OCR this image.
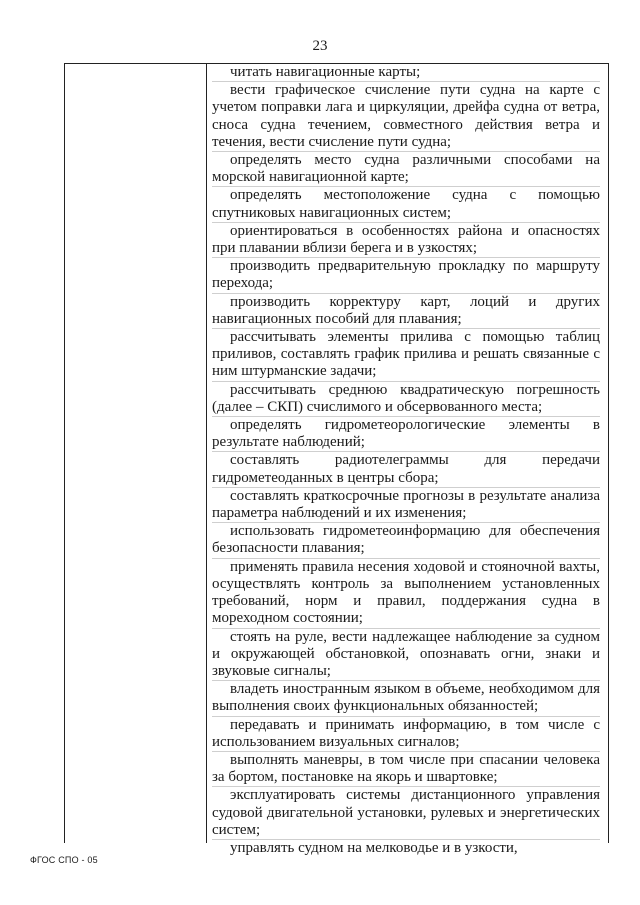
23

читать навигационные карты;

вести графическое счисление пути судна на карте с учетом поправки лага и циркуляции, дрейфа судна от ветра, сноса судна течением, совместного действия ветра и течения, вести счисление пути судна;

определять место судна различными способами на морской навигационной карте;

определять местоположение судна с помощью спутниковых навигационных систем;

ориентироваться в особенностях района и опасностях при плавании вблизи берега и в узкостях;

производить предварительную прокладку по маршруту перехода;

производить корректуру карт, лоций и других навигационных пособий для плавания;

рассчитывать элементы прилива с помощью таблиц приливов, составлять график прилива и решать связанные с ним штурманские задачи;

рассчитывать среднюю квадратическую погрешность (далее – СКП) счислимого и обсервованного места;

определять гидрометеорологические элементы в результате наблюдений;

составлять радиотелеграммы для передачи гидрометеоданных в центры сбора;

составлять краткосрочные прогнозы в результате анализа параметра наблюдений и их изменения;

использовать гидрометеоинформацию для обеспечения безопасности плавания;

применять правила несения ходовой и стояночной вахты, осуществлять контроль за выполнением установленных требований, норм и правил, поддержания судна в мореходном состоянии;

стоять на руле, вести надлежащее наблюдение за судном и окружающей обстановкой, опознавать огни, знаки и звуковые сигналы;

владеть иностранным языком в объеме, необходимом для выполнения своих функциональных обязанностей;

передавать и принимать информацию, в том числе с использованием визуальных сигналов;

выполнять маневры, в том числе при спасании человека за бортом, постановке на якорь и швартовке;

эксплуатировать системы дистанционного управления судовой двигательной установки, рулевых и энергетических систем;

управлять судном на мелководье и в узкости,

ФГОС СПО - 05
